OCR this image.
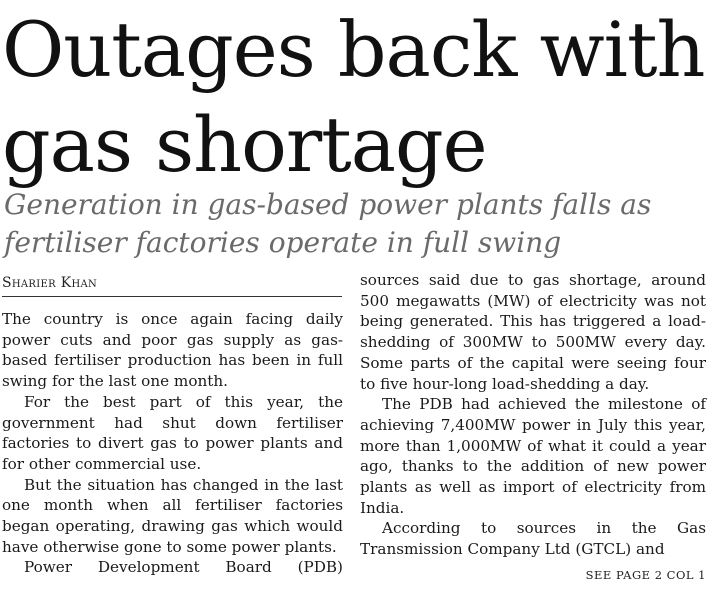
Outages back with
gas shortage
Generation in gas-based power plants falls as
fertiliser factories operate in full swing
Sharier Khan

The country is once again facing daily power cuts and poor gas supply as gas-based fertiliser production has been in full swing for the last one month.

For the best part of this year, the government had shut down fertiliser factories to divert gas to power plants and for other commercial use.

But the situation has changed in the last one month when all fertiliser factories began operating, drawing gas which would have otherwise gone to some power plants.

Power Development Board (PDB)

sources said due to gas shortage, around 500 megawatts (MW) of electricity was not being generated. This has triggered a load-shedding of 300MW to 500MW every day. Some parts of the capital were seeing four to five hour-long load-shedding a day.

The PDB had achieved the milestone of achieving 7,400MW power in July this year, more than 1,000MW of what it could a year ago, thanks to the addition of new power plants as well as import of electricity from India.

According to sources in the Gas Transmission Company Ltd (GTCL) and

SEE PAGE 2 COL 1
